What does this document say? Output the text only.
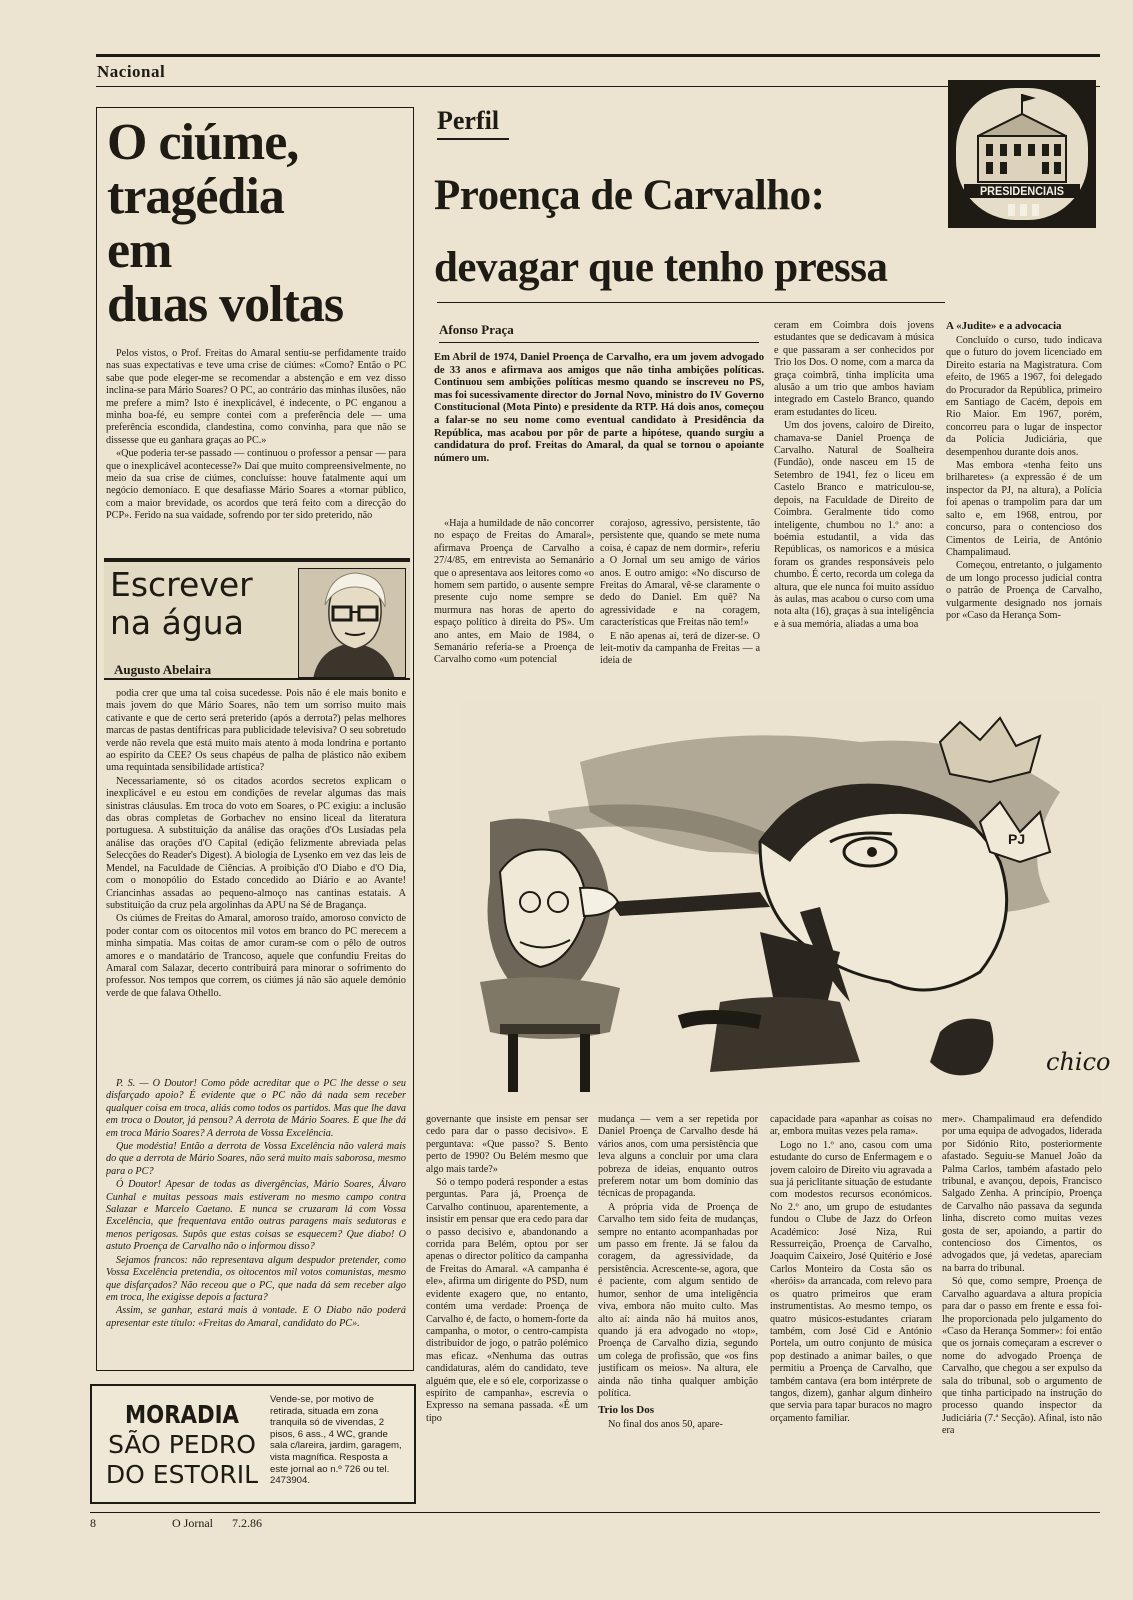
Nacional
O ciúme,
tragédia
em
duas voltas

Pelos vistos, o Prof. Freitas do Amaral sentiu-se perfidamente traído nas suas expectativas e teve uma crise de ciúmes: «Como? Então o PC sabe que pode eleger-me se recomendar a abstenção e em vez disso inclina-se para Mário Soares? O PC, ao contrário das minhas ilusões, não me prefere a mim? Isto é inexplicável, é indecente, o PC enganou a minha boa-fé, eu sempre contei com a preferência dele — uma preferência escondida, clandestina, como convinha, para que não se dissesse que eu ganhara graças ao PC.»

«Que poderia ter-se passado — continuou o professor a pensar — para que o inexplicável acontecesse?» Daí que muito compreensivelmente, no meio da sua crise de ciúmes, concluísse: houve fatalmente aqui um negócio demoníaco. E que desafiasse Mário Soares a «tornar público, com a maior brevidade, os acordos que terá feito com a direcção do PCP». Ferido na sua vaidade, sofrendo por ter sido preterido, não

Escrever
na água
Augusto Abelaira

podia crer que uma tal coisa sucedesse. Pois não é ele mais bonito e mais jovem do que Mário Soares, não tem um sorriso muito mais cativante e que de certo será preterido (após a derrota?) pelas melhores marcas de pastas dentífricas para publicidade televisiva? O seu sobretudo verde não revela que está muito mais atento à moda londrina e portanto ao espírito da CEE? Os seus chapéus de palha de plástico não exibem uma requintada sensibilidade artística?

Necessariamente, só os citados acordos secretos explicam o inexplicável e eu estou em condições de revelar algumas das mais sinistras cláusulas. Em troca do voto em Soares, o PC exigiu: a inclusão das obras completas de Gorbachev no ensino liceal da literatura portuguesa. A substituição da análise das orações d'Os Lusíadas pela análise das orações d'O Capital (edição felizmente abreviada pelas Selecções do Reader's Digest). A biologia de Lysenko em vez das leis de Mendel, na Faculdade de Ciências. A proibição d'O Diabo e d'O Dia, com o monopólio do Estado concedido ao Diário e ao Avante! Criancinhas assadas ao pequeno-almoço nas cantinas estatais. A substituição da cruz pela argolinhas da APU na Sé de Bragança.

Os ciúmes de Freitas do Amaral, amoroso traído, amoroso convicto de poder contar com os oitocentos mil votos em branco do PC merecem a minha simpatia. Mas coitas de amor curam-se com o pêlo de outros amores e o mandatário de Trancoso, aquele que confundiu Freitas do Amaral com Salazar, decerto contribuirá para minorar o sofrimento do professor. Nos tempos que correm, os ciúmes já não são aquele demónio verde de que falava Othello.

P. S. — Ó Doutor! Como pôde acreditar que o PC lhe desse o seu disfarçado apoio? É evidente que o PC não dá nada sem receber qualquer coisa em troca, aliás como todos os partidos. Mas que lhe dava em troca o Doutor, já pensou? A derrota de Mário Soares. E que lhe dá em troca Mário Soares? A derrota de Vossa Excelência.

Que modéstia! Então a derrota de Vossa Excelência não valerá mais do que a derrota de Mário Soares, não será muito mais saborosa, mesmo para o PC?

Ó Doutor! Apesar de todas as divergências, Mário Soares, Álvaro Cunhal e muitas pessoas mais estiveram no mesmo campo contra Salazar e Marcelo Caetano. E nunca se cruzaram lá com Vossa Excelência, que frequentava então outras paragens mais sedutoras e menos perigosas. Supôs que estas coisas se esquecem? Que diabo! O astuto Proença de Carvalho não o informou disso?

Sejamos francos: não representava algum despudor pretender, como Vossa Excelência pretendia, os oitocentos mil votos comunistas, mesmo que disfarçados? Não receou que o PC, que nada dá sem receber algo em troca, lhe exigisse depois a factura?

Assim, se ganhar, estará mais à vontade. E O Diabo não poderá apresentar este título: «Freitas do Amaral, candidato do PC».

MORADIA
SÃO PEDRO
DO ESTORIL
Vende-se, por motivo de retirada, situada em zona tranquila só de vivendas, 2 pisos, 6 ass., 4 WC, grande sala c/lareira, jardim, garagem, vista magnífica. Resposta a este jornal ao n.º 726 ou tel. 2473904.
8	O Jornal 7.2.86
PRESIDENCIAIS
Perfil
Proença de Carvalho:
devagar que tenho pressa
Afonso Praça
Em Abril de 1974, Daniel Proença de Carvalho, era um jovem advogado de 33 anos e afirmava aos amigos que não tinha ambições políticas. Continuou sem ambições políticas mesmo quando se inscreveu no PS, mas foi sucessivamente director do Jornal Novo, ministro do IV Governo Constitucional (Mota Pinto) e presidente da RTP. Há dois anos, começou a falar-se no seu nome como eventual candidato à Presidência da República, mas acabou por pôr de parte a hipótese, quando surgiu a candidatura do prof. Freitas do Amaral, da qual se tornou o apoiante número um.

«Haja a humildade de não concorrer no espaço de Freitas do Amaral», afirmava Proença de Carvalho a 27/4/85, em entrevista ao Semanário que o apresentava aos leitores como «o homem sem partido, o ausente sempre presente cujo nome sempre se murmura nas horas de aperto do espaço político à direita do PS». Um ano antes, em Maio de 1984, o Semanário referia-se a Proença de Carvalho como «um potencial

corajoso, agressivo, persistente, tão persistente que, quando se mete numa coisa, é capaz de nem dormir», referiu a O Jornal um seu amigo de vários anos. E outro amigo: «No discurso de Freitas do Amaral, vê-se claramente o dedo do Daniel. Em quê? Na agressividade e na coragem, características que Freitas não tem!»

E não apenas aí, terá de dizer-se. O leit-motiv da campanha de Freitas — a ideia de

ceram em Coimbra dois jovens estudantes que se dedicavam à música e que passaram a ser conhecidos por Trio los Dos. O nome, com a marca da graça coimbrã, tinha implícita uma alusão a um trio que ambos haviam integrado em Castelo Branco, quando eram estudantes do liceu.

Um dos jovens, caloiro de Direito, chamava-se Daniel Proença de Carvalho. Natural de Soalheira (Fundão), onde nasceu em 15 de Setembro de 1941, fez o liceu em Castelo Branco e matriculou-se, depois, na Faculdade de Direito de Coimbra. Geralmente tido como inteligente, chumbou no 1.º ano: a boémia estudantil, a vida das Repúblicas, os namoricos e a música foram os grandes responsáveis pelo chumbo. É certo, recorda um colega da altura, que ele nunca foi muito assíduo às aulas, mas acabou o curso com uma nota alta (16), graças à sua inteligência e à sua memória, aliadas a uma boa

A «Judite» e a advocacia

Concluído o curso, tudo indicava que o futuro do jovem licenciado em Direito estaria na Magistratura. Com efeito, de 1965 a 1967, foi delegado do Procurador da República, primeiro em Santiago de Cacém, depois em Rio Maior. Em 1967, porém, concorreu para o lugar de inspector da Polícia Judiciária, que desempenhou durante dois anos.

Mas embora «tenha feito uns brilharetes» (a expressão é de um inspector da PJ, na altura), a Polícia foi apenas o trampolim para dar um salto e, em 1968, entrou, por concurso, para o contencioso dos Cimentos de Leiria, de António Champalimaud.

Começou, entretanto, o julgamento de um longo processo judicial contra o patrão de Proença de Carvalho, vulgarmente designado nos jornais por «Caso da Herança Som-

PJ
chico

governante que insiste em pensar ser cedo para dar o passo decisivo». E perguntava: «Que passo? S. Bento perto de 1990? Ou Belém mesmo que algo mais tarde?»

Só o tempo poderá responder a estas perguntas. Para já, Proença de Carvalho continuou, aparentemente, a insistir em pensar que era cedo para dar o passo decisivo e, abandonando a corrida para Belém, optou por ser apenas o director político da campanha de Freitas do Amaral. «A campanha é ele», afirma um dirigente do PSD, num evidente exagero que, no entanto, contém uma verdade: Proença de Carvalho é, de facto, o homem-forte da campanha, o motor, o centro-campista distribuidor de jogo, o patrão polémico mas eficaz. «Nenhuma das outras candidaturas, além do candidato, teve alguém que, ele e só ele, corporizasse o espírito de campanha», escrevia o Expresso na semana passada. «É um tipo

mudança — vem a ser repetida por Daniel Proença de Carvalho desde há vários anos, com uma persistência que leva alguns a concluir por uma clara pobreza de ideias, enquanto outros preferem notar um bom domínio das técnicas de propaganda.

A própria vida de Proença de Carvalho tem sido feita de mudanças, sempre no entanto acompanhadas por um passo em frente. Já se falou da coragem, da agressividade, da persistência. Acrescente-se, agora, que é paciente, com algum sentido de humor, senhor de uma inteligência viva, embora não muito culto. Mas alto aí: ainda não há muitos anos, quando já era advogado no «top», Proença de Carvalho dizia, segundo um colega de profissão, que «os fins justificam os meios». Na altura, ele ainda não tinha qualquer ambição política.

Trio los Dos

No final dos anos 50, apare-

capacidade para «apanhar as coisas no ar, embora muitas vezes pela rama».

Logo no 1.º ano, casou com uma estudante do curso de Enfermagem e o jovem caloiro de Direito viu agravada a sua já periclitante situação de estudante com modestos recursos económicos. No 2.º ano, um grupo de estudantes fundou o Clube de Jazz do Orfeon Académico: José Niza, Rui Ressurreição, Proença de Carvalho, Joaquim Caixeiro, José Quitério e José Carlos Monteiro da Costa são os «heróis» da arrancada, com relevo para os quatro primeiros que eram instrumentistas. Ao mesmo tempo, os quatro músicos-estudantes criaram também, com José Cid e António Portela, um outro conjunto de música pop destinado a animar bailes, o que permitiu a Proença de Carvalho, que também cantava (era bom intérprete de tangos, dizem), ganhar algum dinheiro que servia para tapar buracos no magro orçamento familiar.

mer». Champalimaud era defendido por uma equipa de advogados, liderada por Sidónio Rito, posteriormente afastado. Seguiu-se Manuel João da Palma Carlos, também afastado pelo tribunal, e avançou, depois, Francisco Salgado Zenha. A princípio, Proença de Carvalho não passava da segunda linha, discreto como muitas vezes gosta de ser, apoiando, a partir do contencioso dos Cimentos, os advogados que, já vedetas, apareciam na barra do tribunal.

Só que, como sempre, Proença de Carvalho aguardava a altura propícia para dar o passo em frente e essa foi-lhe proporcionada pelo julgamento do «Caso da Herança Sommer»: foi então que os jornais começaram a escrever o nome do advogado Proença de Carvalho, que chegou a ser expulso da sala do tribunal, sob o argumento de que tinha participado na instrução do processo quando inspector da Judiciária (7.ª Secção). Afinal, isto não era
